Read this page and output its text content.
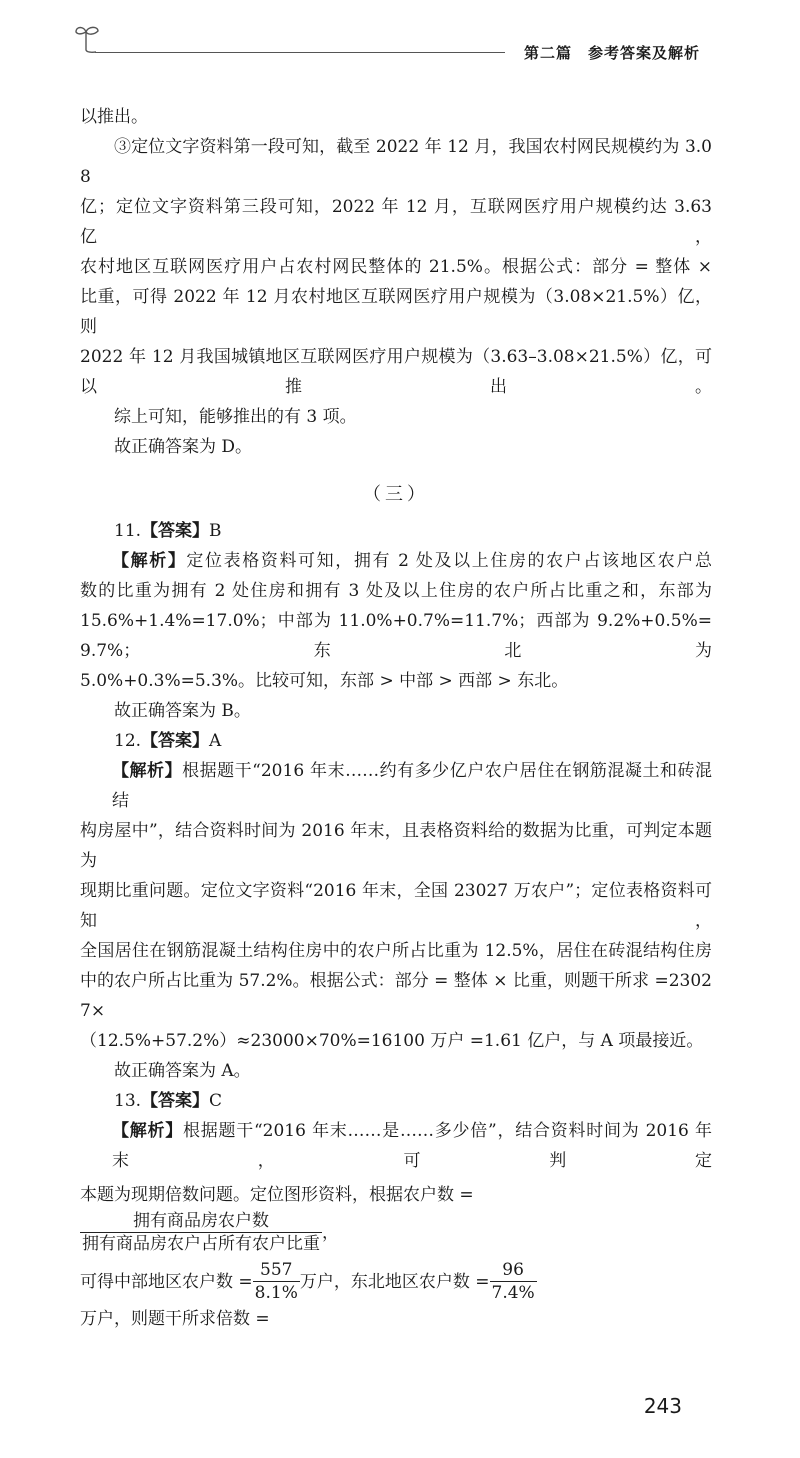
第二篇　参考答案及解析
以推出。
③定位文字资料第一段可知，截至 2022 年 12 月，我国农村网民规模约为 3.08
亿；定位文字资料第三段可知，2022 年 12 月，互联网医疗用户规模约达 3.63 亿，
农村地区互联网医疗用户占农村网民整体的 21.5%。根据公式：部分 = 整体 ×
比重，可得 2022 年 12 月农村地区互联网医疗用户规模为（3.08×21.5%）亿，则
2022 年 12 月我国城镇地区互联网医疗用户规模为（3.63–3.08×21.5%）亿，可以推出。
综上可知，能够推出的有 3 项。
故正确答案为 D。
（三）
11.【答案】B
【解析】定位表格资料可知，拥有 2 处及以上住房的农户占该地区农户总
数的比重为拥有 2 处住房和拥有 3 处及以上住房的农户所占比重之和，东部为
15.6%+1.4%=17.0%；中部为 11.0%+0.7%=11.7%；西部为 9.2%+0.5%=9.7%；东北为
5.0%+0.3%=5.3%。比较可知，东部 > 中部 > 西部 > 东北。
故正确答案为 B。
12.【答案】A
【解析】根据题干“2016 年末……约有多少亿户农户居住在钢筋混凝土和砖混结
构房屋中”，结合资料时间为 2016 年末，且表格资料给的数据为比重，可判定本题为
现期比重问题。定位文字资料“2016 年末，全国 23027 万农户”；定位表格资料可知，
全国居住在钢筋混凝土结构住房中的农户所占比重为 12.5%，居住在砖混结构住房
中的农户所占比重为 57.2%。根据公式：部分 = 整体 × 比重，则题干所求 =23027×
（12.5%+57.2%）≈23000×70%=16100 万户 =1.61 亿户，与 A 项最接近。
故正确答案为 A。
13.【答案】C
【解析】根据题干“2016 年末……是……多少倍”，结合资料时间为 2016 年末，可判定
本题为现期倍数问题。定位图形资料，根据农户数 =
$\frac{\text{拥有商品房农户数}}{\text{拥有商品房农户占所有农户比重}}$ ，
可得中部地区农户数 = $\frac{557}{8.1\%}$ 万户，东北地区农户数 = $\frac{96}{7.4\%}$
万户，则题干所求倍数 =
243
